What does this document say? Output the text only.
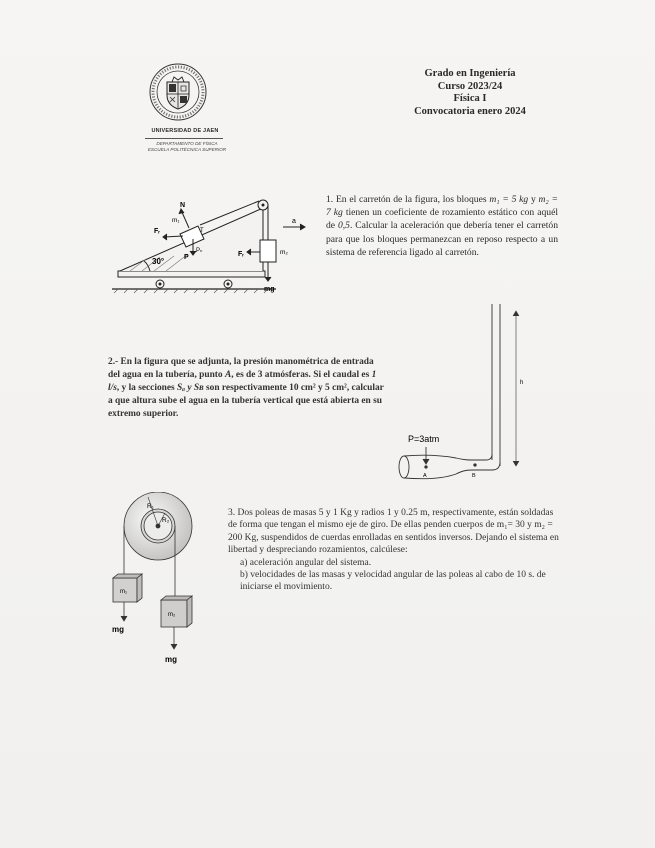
UNIVERSIDAD DE JAEN
DEPARTAMENTO DE FÍSICA
ESCUELA POLITÉCNICA SUPERIOR
Grado en Ingeniería
Curso 2023/24
Física I
Convocatoria enero 2024
N
m₁
Fᵣ	T
P
Pₙ
30°
Fᵣ	m₂
mg
a
1. En el carretón de la figura, los bloques m₁ = 5 kg y m₂ = 7 kg tienen un coeficiente de rozamiento estático con aquél de 0,5. Calcular la aceleración que debería tener el carretón para que los bloques permanezcan en reposo respecto a un sistema de referencia ligado al carretón.
2.- En la figura que se adjunta, la presión manométrica de entrada del agua en la tubería, punto A, es de 3 atmósferas. Si el caudal es 1 l/s, y la secciones Sₐ y Sʙ son respectivamente 10 cm² y 5 cm², calcular a que altura sube el agua en la tubería vertical que está abierta en su extremo superior.
P=3atm
A	B
h
R₁
R₂
m₁
m₂
mg
mg
3. Dos poleas de masas 5 y 1 Kg y radios 1 y 0.25 m, respectivamente, están soldadas de forma que tengan el mismo eje de giro. De ellas penden cuerpos de m₁= 30 y m₂ = 200 Kg, suspendidos de cuerdas enrolladas en sentidos inversos. Dejando el sistema en libertad y despreciando rozamientos, calcúlese:
a) aceleración angular del sistema.
b) velocidades de las masas y velocidad angular de las poleas al cabo de 10 s. de iniciarse el movimiento.
